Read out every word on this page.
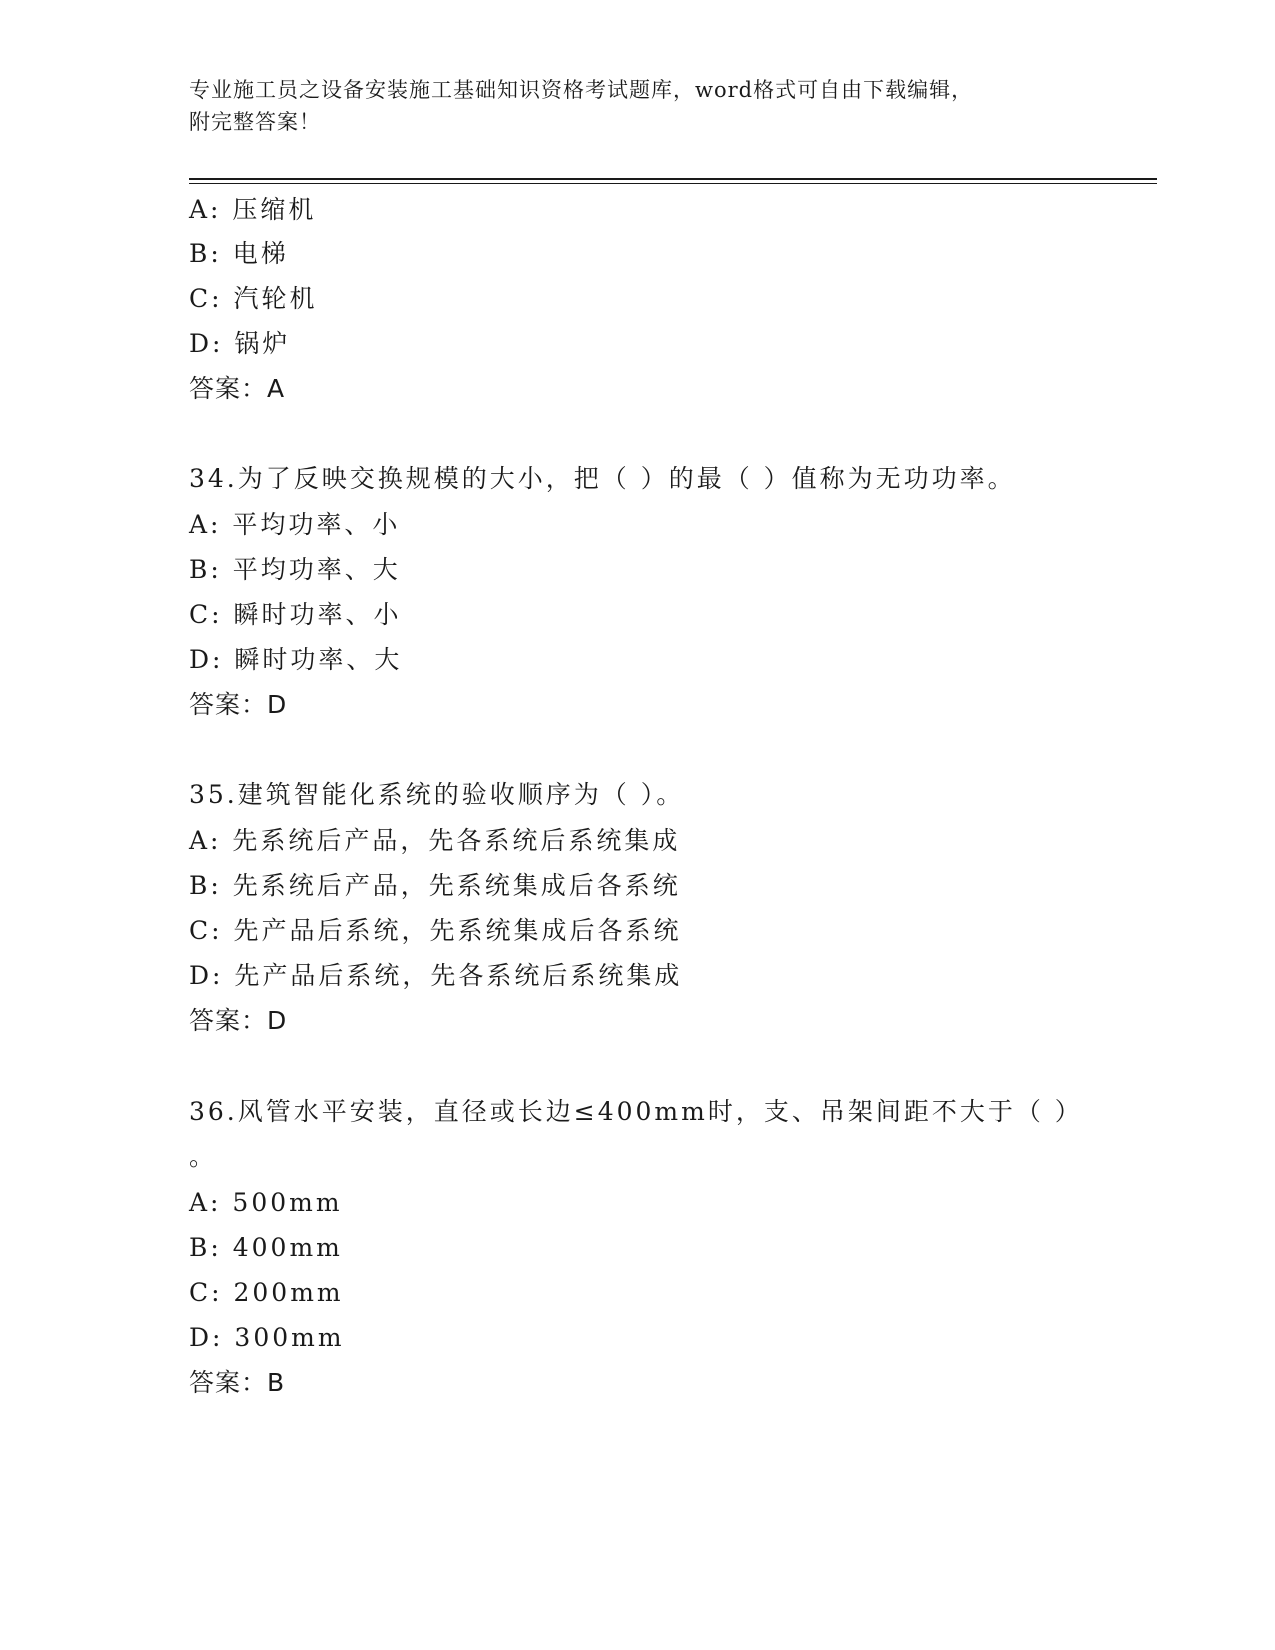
专业施工员之设备安装施工基础知识资格考试题库，word格式可自由下载编辑，
附完整答案！
A: 压缩机
B: 电梯
C: 汽轮机
D: 锅炉
答案：A
34.为了反映交换规模的大小，把（ ）的最（ ）值称为无功功率。
A: 平均功率、小
B: 平均功率、大
C: 瞬时功率、小
D: 瞬时功率、大
答案：D
35.建筑智能化系统的验收顺序为（ ）。
A: 先系统后产品，先各系统后系统集成
B: 先系统后产品，先系统集成后各系统
C: 先产品后系统，先系统集成后各系统
D: 先产品后系统，先各系统后系统集成
答案：D
36.风管水平安装，直径或长边≤400mm时，支、吊架间距不大于（ ）
。
A: 500mm
B: 400mm
C: 200mm
D: 300mm
答案：B
